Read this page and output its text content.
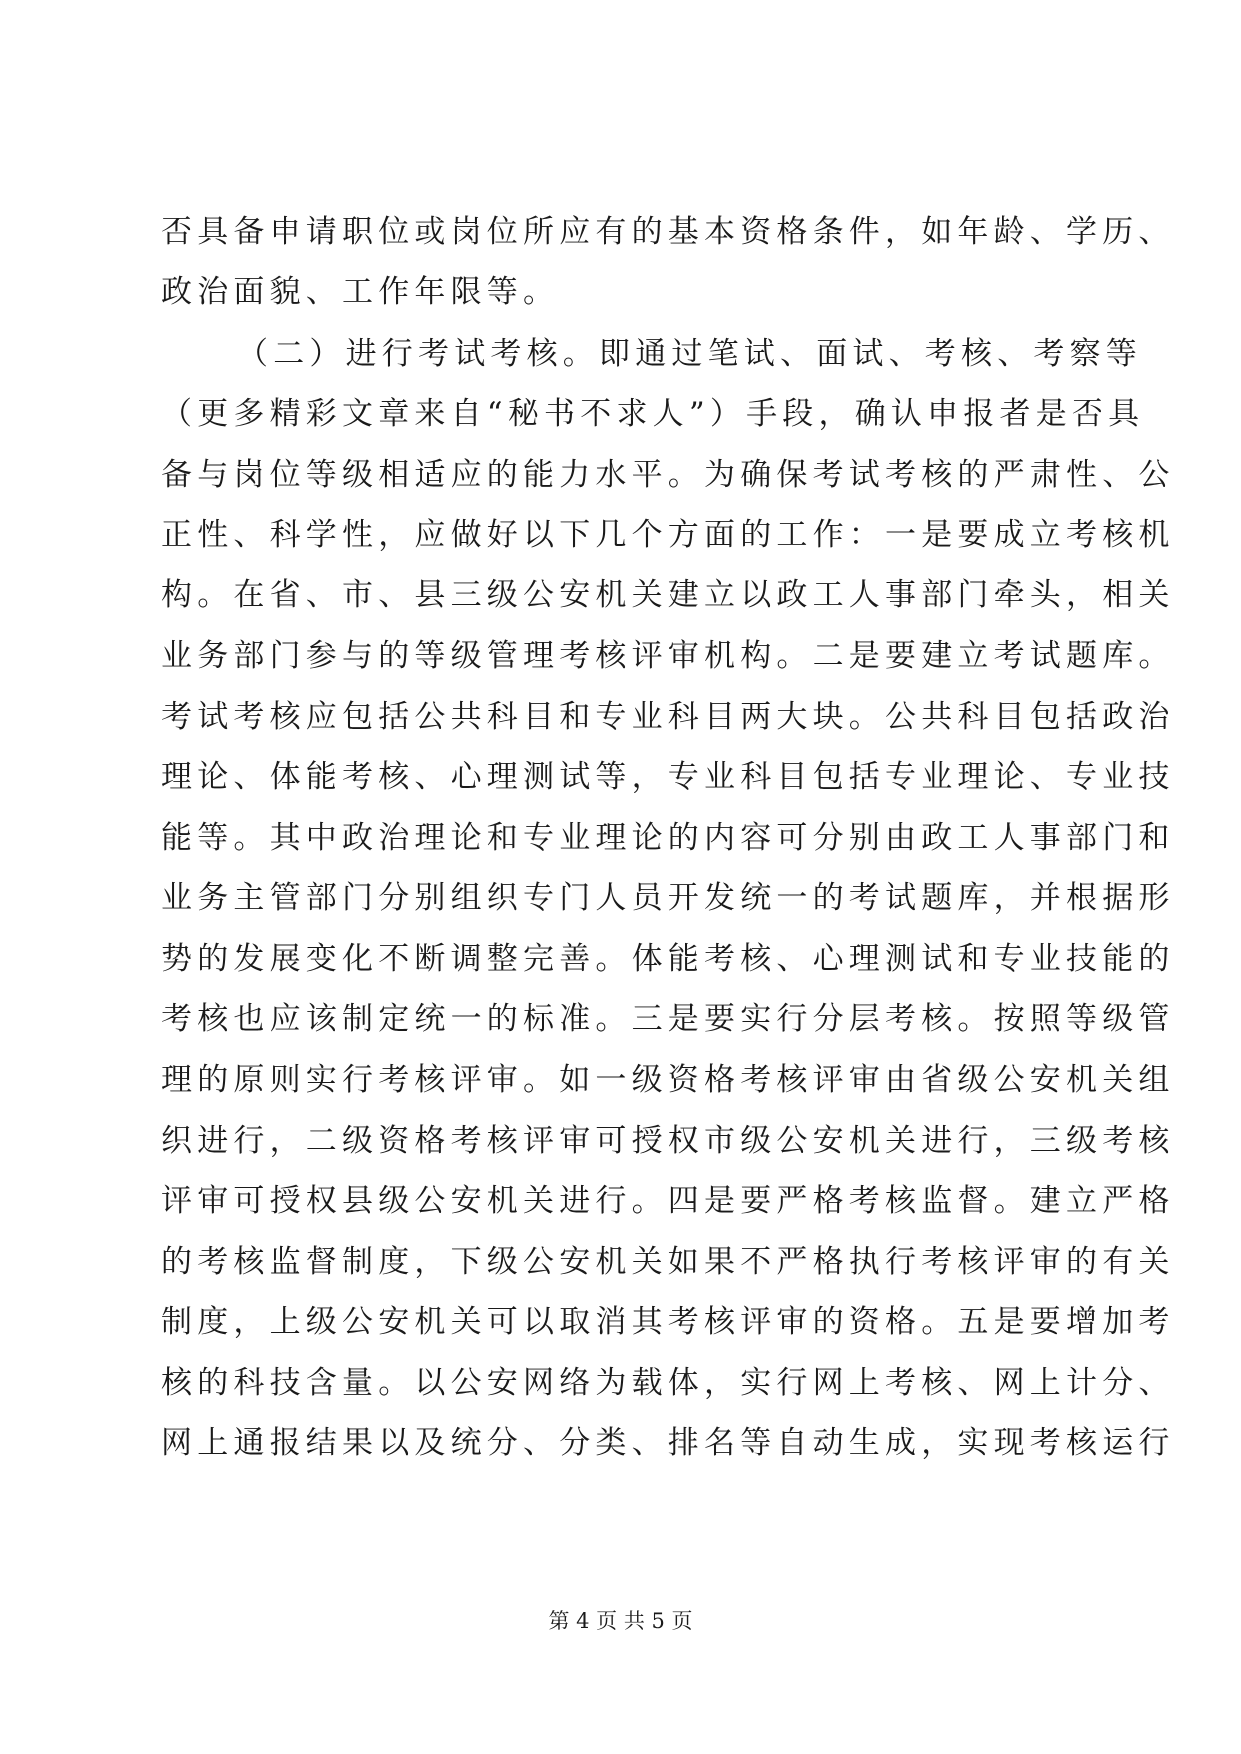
否具备申请职位或岗位所应有的基本资格条件，如年龄、学历、
政治面貌、工作年限等。
（二）进行考试考核。即通过笔试、面试、考核、考察等
（更多精彩文章来自“秘书不求人”）手段，确认申报者是否具
备与岗位等级相适应的能力水平。为确保考试考核的严肃性、公
正性、科学性，应做好以下几个方面的工作：一是要成立考核机
构。在省、市、县三级公安机关建立以政工人事部门牵头，相关
业务部门参与的等级管理考核评审机构。二是要建立考试题库。
考试考核应包括公共科目和专业科目两大块。公共科目包括政治
理论、体能考核、心理测试等，专业科目包括专业理论、专业技
能等。其中政治理论和专业理论的内容可分别由政工人事部门和
业务主管部门分别组织专门人员开发统一的考试题库，并根据形
势的发展变化不断调整完善。体能考核、心理测试和专业技能的
考核也应该制定统一的标准。三是要实行分层考核。按照等级管
理的原则实行考核评审。如一级资格考核评审由省级公安机关组
织进行，二级资格考核评审可授权市级公安机关进行，三级考核
评审可授权县级公安机关进行。四是要严格考核监督。建立严格
的考核监督制度，下级公安机关如果不严格执行考核评审的有关
制度，上级公安机关可以取消其考核评审的资格。五是要增加考
核的科技含量。以公安网络为载体，实行网上考核、网上计分、
网上通报结果以及统分、分类、排名等自动生成，实现考核运行
第 4 页 共 5 页
